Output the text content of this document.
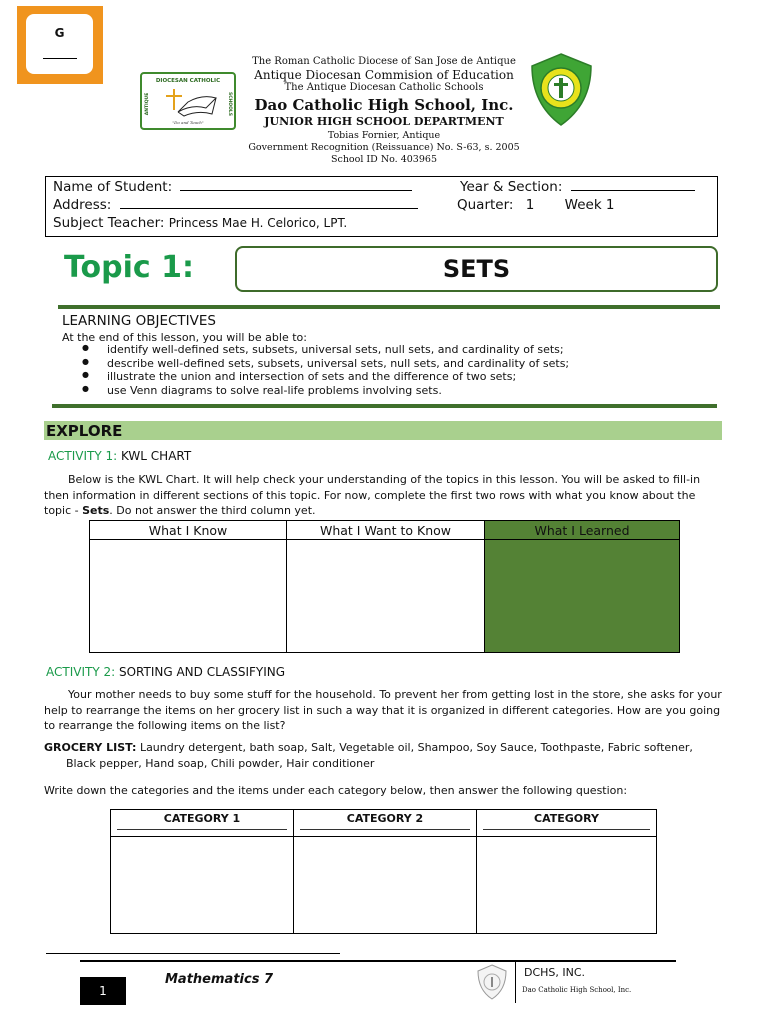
G
DIOCESAN CATHOLIC
ANTIQUE	SCHOOLS
"Do and Teach"
The Roman Catholic Diocese of San Jose de Antique
Antique Diocesan Commision of Education
The Antique Diocesan Catholic Schools
Dao Catholic High School, Inc.
JUNIOR HIGH SCHOOL DEPARTMENT
Tobias Fornier, Antique
Government Recognition (Reissuance) No. S-63, s. 2005
School ID No. 403965
Name of Student:
Address:
Subject Teacher: Princess Mae H. Celorico, LPT.
Year & Section:
Quarter: 1 Week 1
Topic 1:	SETS
LEARNING OBJECTIVES
At the end of this lesson, you will be able to:
● identify well-defined sets, subsets, universal sets, null sets, and cardinality of sets;
● describe well-defined sets, subsets, universal sets, null sets, and cardinality of sets;
● illustrate the union and intersection of sets and the difference of two sets;
● use Venn diagrams to solve real-life problems involving sets.
EXPLORE
ACTIVITY 1: KWL CHART
Below is the KWL Chart. It will help check your understanding of the topics in this lesson. You will be asked to fill-in then information in different sections of this topic. For now, complete the first two rows with what you know about the topic - Sets. Do not answer the third column yet.
What I Know	What I Want to Know	What I Learned

ACTIVITY 2: SORTING AND CLASSIFYING
Your mother needs to buy some stuff for the household. To prevent her from getting lost in the store, she asks for your help to rearrange the items on her grocery list in such a way that it is organized in different categories. How are you going to rearrange the following items on the list?
GROCERY LIST: Laundry detergent, bath soap, Salt, Vegetable oil, Shampoo, Soy Sauce, Toothpaste, Fabric softener, Black pepper, Hand soap, Chili powder, Hair conditioner
Write down the categories and the items under each category below, then answer the following question:
CATEGORY 1	CATEGORY 2	CATEGORY

1
Mathematics 7	DCHS, INC.
Dao Catholic High School, Inc.
